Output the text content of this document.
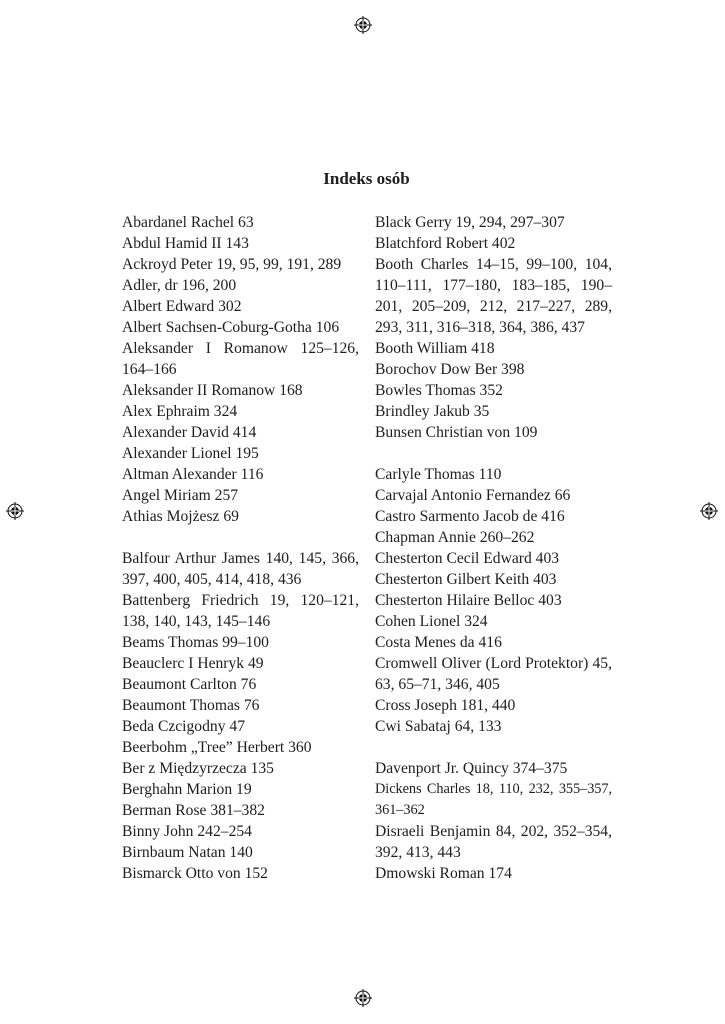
Indeks osób
Abardanel Rachel 63
Abdul Hamid II 143
Ackroyd Peter 19, 95, 99, 191, 289
Adler, dr 196, 200
Albert Edward 302
Albert Sachsen-Coburg-Gotha 106
Aleksander I Romanow 125–126, 164–166
Aleksander II Romanow 168
Alex Ephraim 324
Alexander David 414
Alexander Lionel 195
Altman Alexander 116
Angel Miriam 257
Athias Mojżesz 69
Balfour Arthur James 140, 145, 366, 397, 400, 405, 414, 418, 436
Battenberg Friedrich 19, 120–121, 138, 140, 143, 145–146
Beams Thomas 99–100
Beauclerc I Henryk 49
Beaumont Carlton 76
Beaumont Thomas 76
Beda Czcigodny 47
Beerbohm „Tree” Herbert 360
Ber z Międzyrzecza 135
Berghahn Marion 19
Berman Rose 381–382
Binny John 242–254
Birnbaum Natan 140
Bismarck Otto von 152
Black Gerry 19, 294, 297–307
Blatchford Robert 402
Booth Charles 14–15, 99–100, 104, 110–111, 177–180, 183–185, 190–201, 205–209, 212, 217–227, 289, 293, 311, 316–318, 364, 386, 437
Booth William 418
Borochov Dow Ber 398
Bowles Thomas 352
Brindley Jakub 35
Bunsen Christian von 109
Carlyle Thomas 110
Carvajal Antonio Fernandez 66
Castro Sarmento Jacob de 416
Chapman Annie 260–262
Chesterton Cecil Edward 403
Chesterton Gilbert Keith 403
Chesterton Hilaire Belloc 403
Cohen Lionel 324
Costa Menes da 416
Cromwell Oliver (Lord Protektor) 45, 63, 65–71, 346, 405
Cross Joseph 181, 440
Cwi Sabataj 64, 133
Davenport Jr. Quincy 374–375
Dickens Charles 18, 110, 232, 355–357, 361–362
Disraeli Benjamin 84, 202, 352–354, 392, 413, 443
Dmowski Roman 174
